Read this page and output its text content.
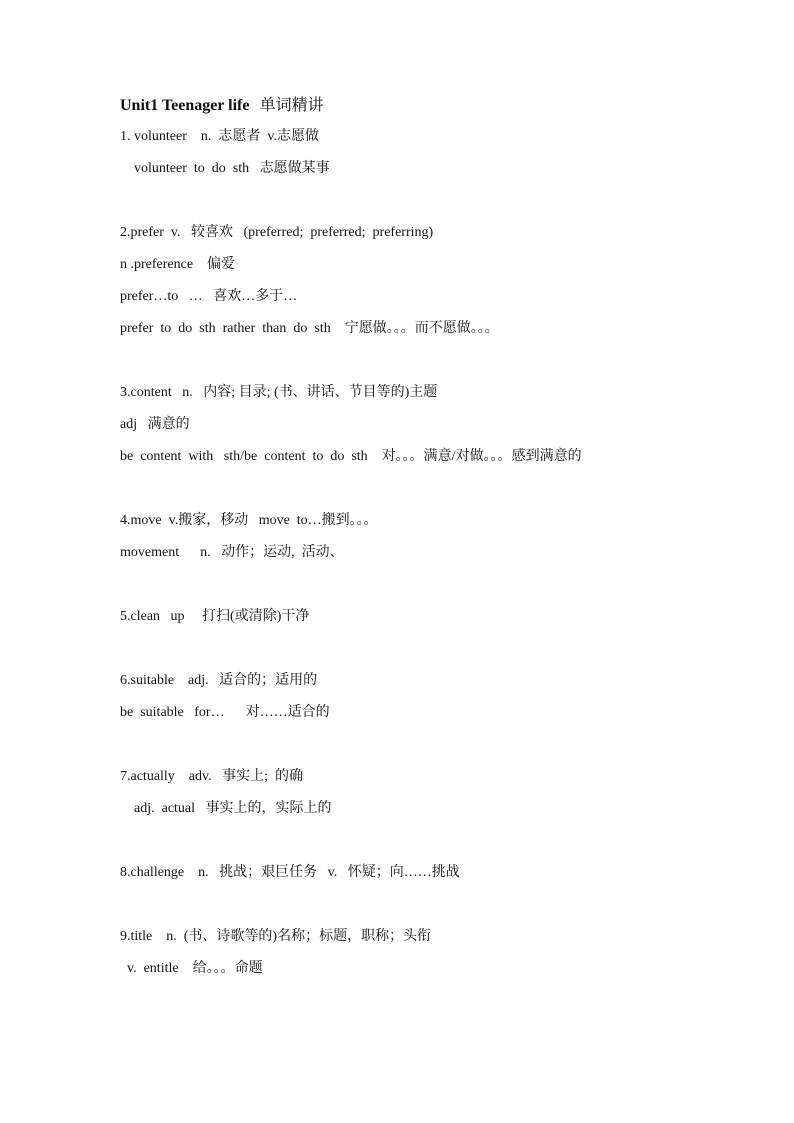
Unit1 Teenager life  单词精讲
1. volunteer    n.  志愿者  v.志愿做
volunteer  to  do  sth   志愿做某事
2.prefer  v.   较喜欢   (preferred;  preferred;  preferring)
n .preference    偏爱
prefer…to   …   喜欢…多于…
prefer  to  do  sth  rather  than  do  sth    宁愿做。。。而不愿做。。。
3.content   n.   内容; 目录; (书、讲话、节目等的)主题
adj   满意的
be  content  with   sth/be  content  to  do  sth    对。。。满意/对做。。。感到满意的
4.move  v.搬家，移动   move  to…搬到。。。
movement      n.   动作；运动,  活动、
5.clean   up     打扫(或清除)干净
6.suitable    adj.   适合的；适用的
be  suitable   for…      对……适合的
7.actually    adv.   事实上;  的确
adj.  actual   事实上的，实际上的
8.challenge    n.   挑战；艰巨任务   v.   怀疑；向……挑战
9.title    n.  (书、诗歌等的)名称；标题，职称；头衔
v.  entitle    给。。。命题
